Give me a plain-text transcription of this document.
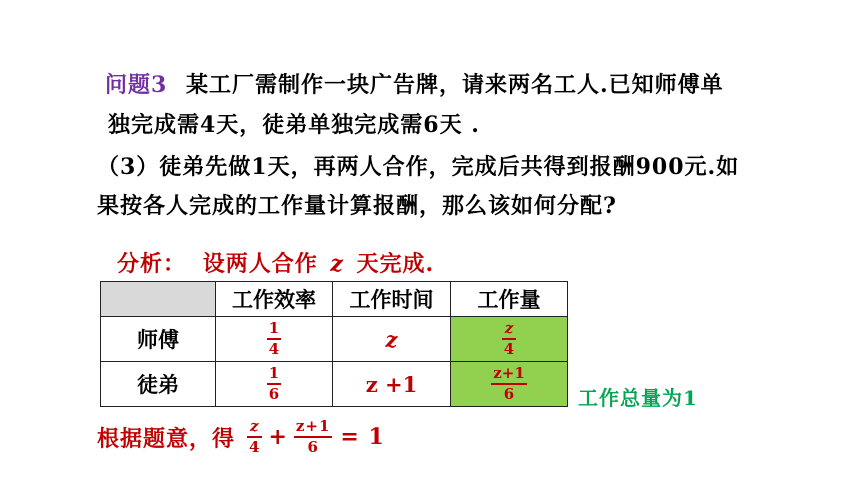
问题3 某工厂需制作一块广告牌，请来两名工人.已知师傅单
独完成需4天，徒弟单独完成需6天 .
（3）徒弟先做1天，再两人合作，完成后共得到报酬900元.如
果按各人完成的工作量计算报酬，那么该如何分配?
分析： 设两人合作 z 天完成.
	工作效率	工作时间	工作量
师傅	$\frac{1}{4}$	z	$\frac{z}{4}$

徒弟	$\frac{1}{6}$	z +1	$\frac{z+1}{6}$	工作总量为1
根据题意，得 $\frac{z}{4} + \frac{z+1}{6} = 1$
